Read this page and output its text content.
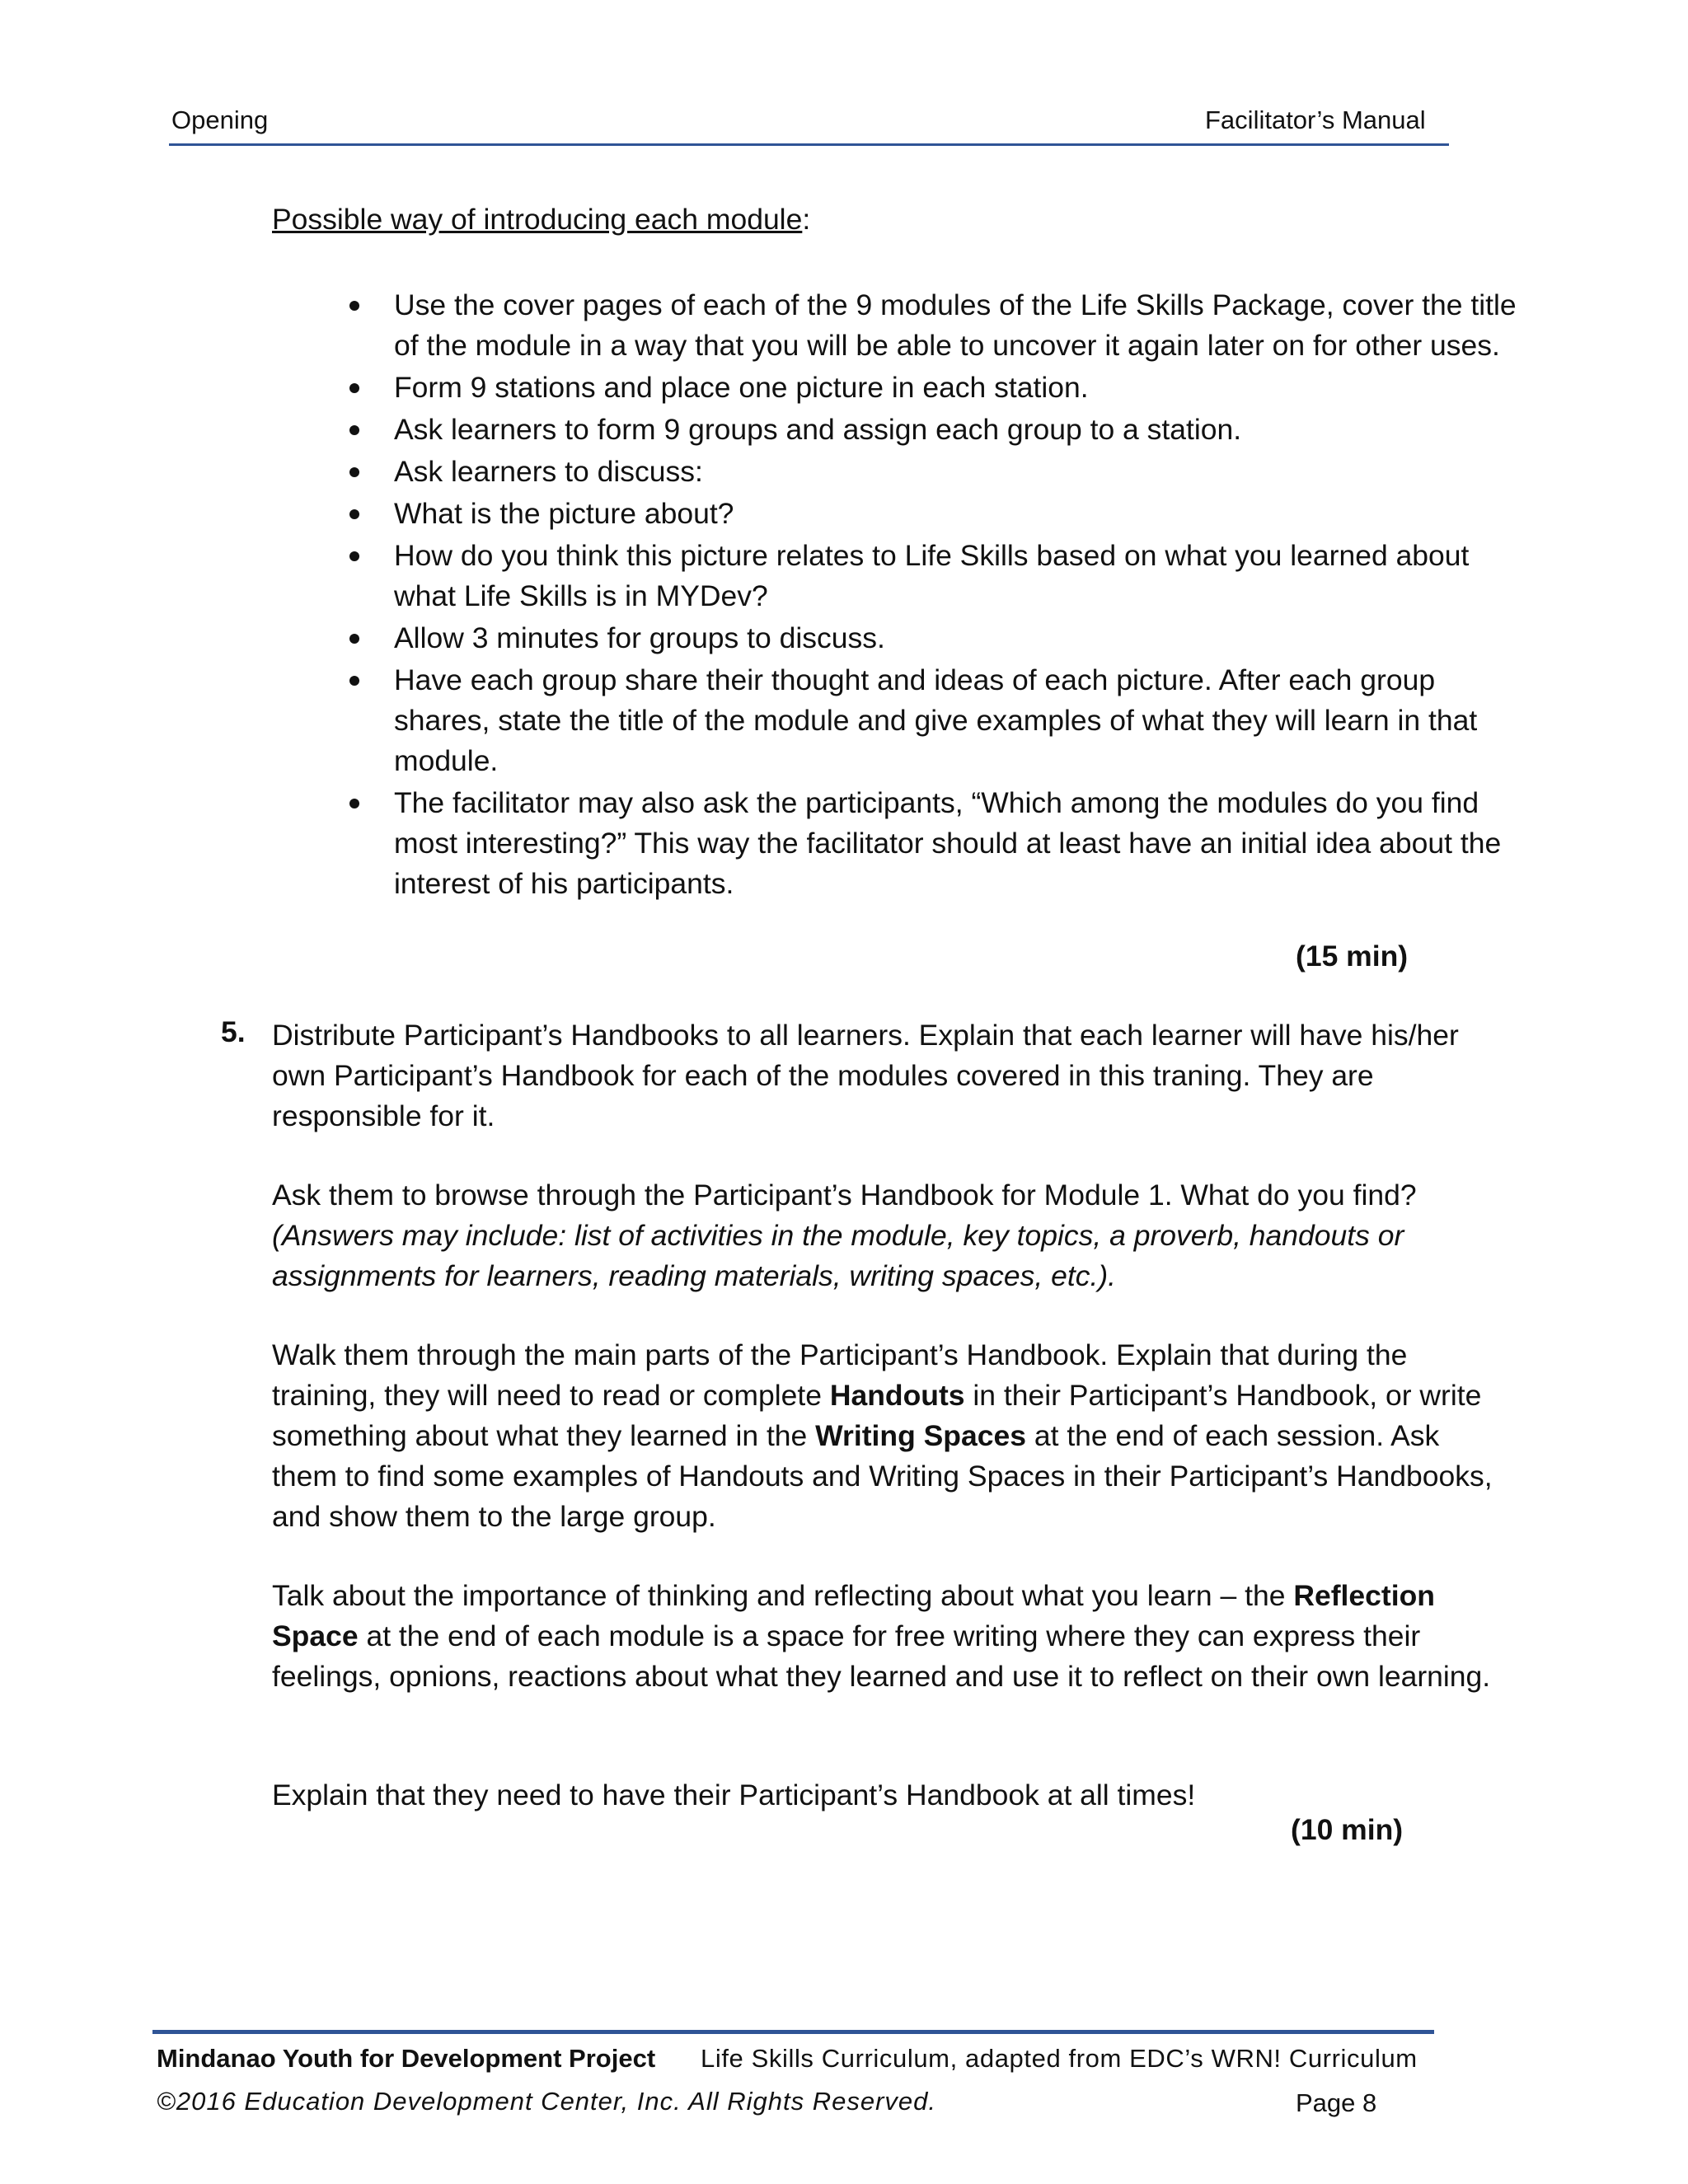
Opening	Facilitator’s Manual
Possible way of introducing each module:
Use the cover pages of each of the 9 modules of the Life Skills Package, cover the title of the module in a way that you will be able to uncover it again later on for other uses.
Form 9 stations and place one picture in each station.
Ask learners to form 9 groups and assign each group to a station.
Ask learners to discuss:
What is the picture about?
How do you think this picture relates to Life Skills based on what you learned about what Life Skills is in MYDev?
Allow 3 minutes for groups to discuss.
Have each group share their thought and ideas of each picture. After each group shares, state the title of the module and give examples of what they will learn in that module.
The facilitator may also ask the participants, “Which among the modules do you find most interesting?” This way the facilitator should at least have an initial idea about the interest of his participants.
(15 min)
5. Distribute Participant’s Handbooks to all learners. Explain that each learner will have his/her own Participant’s Handbook for each of the modules covered in this traning. They are responsible for it.

Ask them to browse through the Participant’s Handbook for Module 1. What do you find? (Answers may include: list of activities in the module, key topics, a proverb, handouts or assignments for learners, reading materials, writing spaces, etc.).

Walk them through the main parts of the Participant’s Handbook. Explain that during the training, they will need to read or complete Handouts in their Participant’s Handbook, or write something about what they learned in the Writing Spaces at the end of each session. Ask them to find some examples of Handouts and Writing Spaces in their Participant’s Handbooks, and show them to the large group.

Talk about the importance of thinking and reflecting about what you learn – the Reflection Space at the end of each module is a space for free writing where they can express their feelings, opnions, reactions about what they learned and use it to reflect on their own learning.

Explain that they need to have their Participant’s Handbook at all times!

(10 min)
Mindanao Youth for Development Project Life Skills Curriculum, adapted from EDC’s WRN! Curriculum
©2016 Education Development Center, Inc. All Rights Reserved.	Page 8
